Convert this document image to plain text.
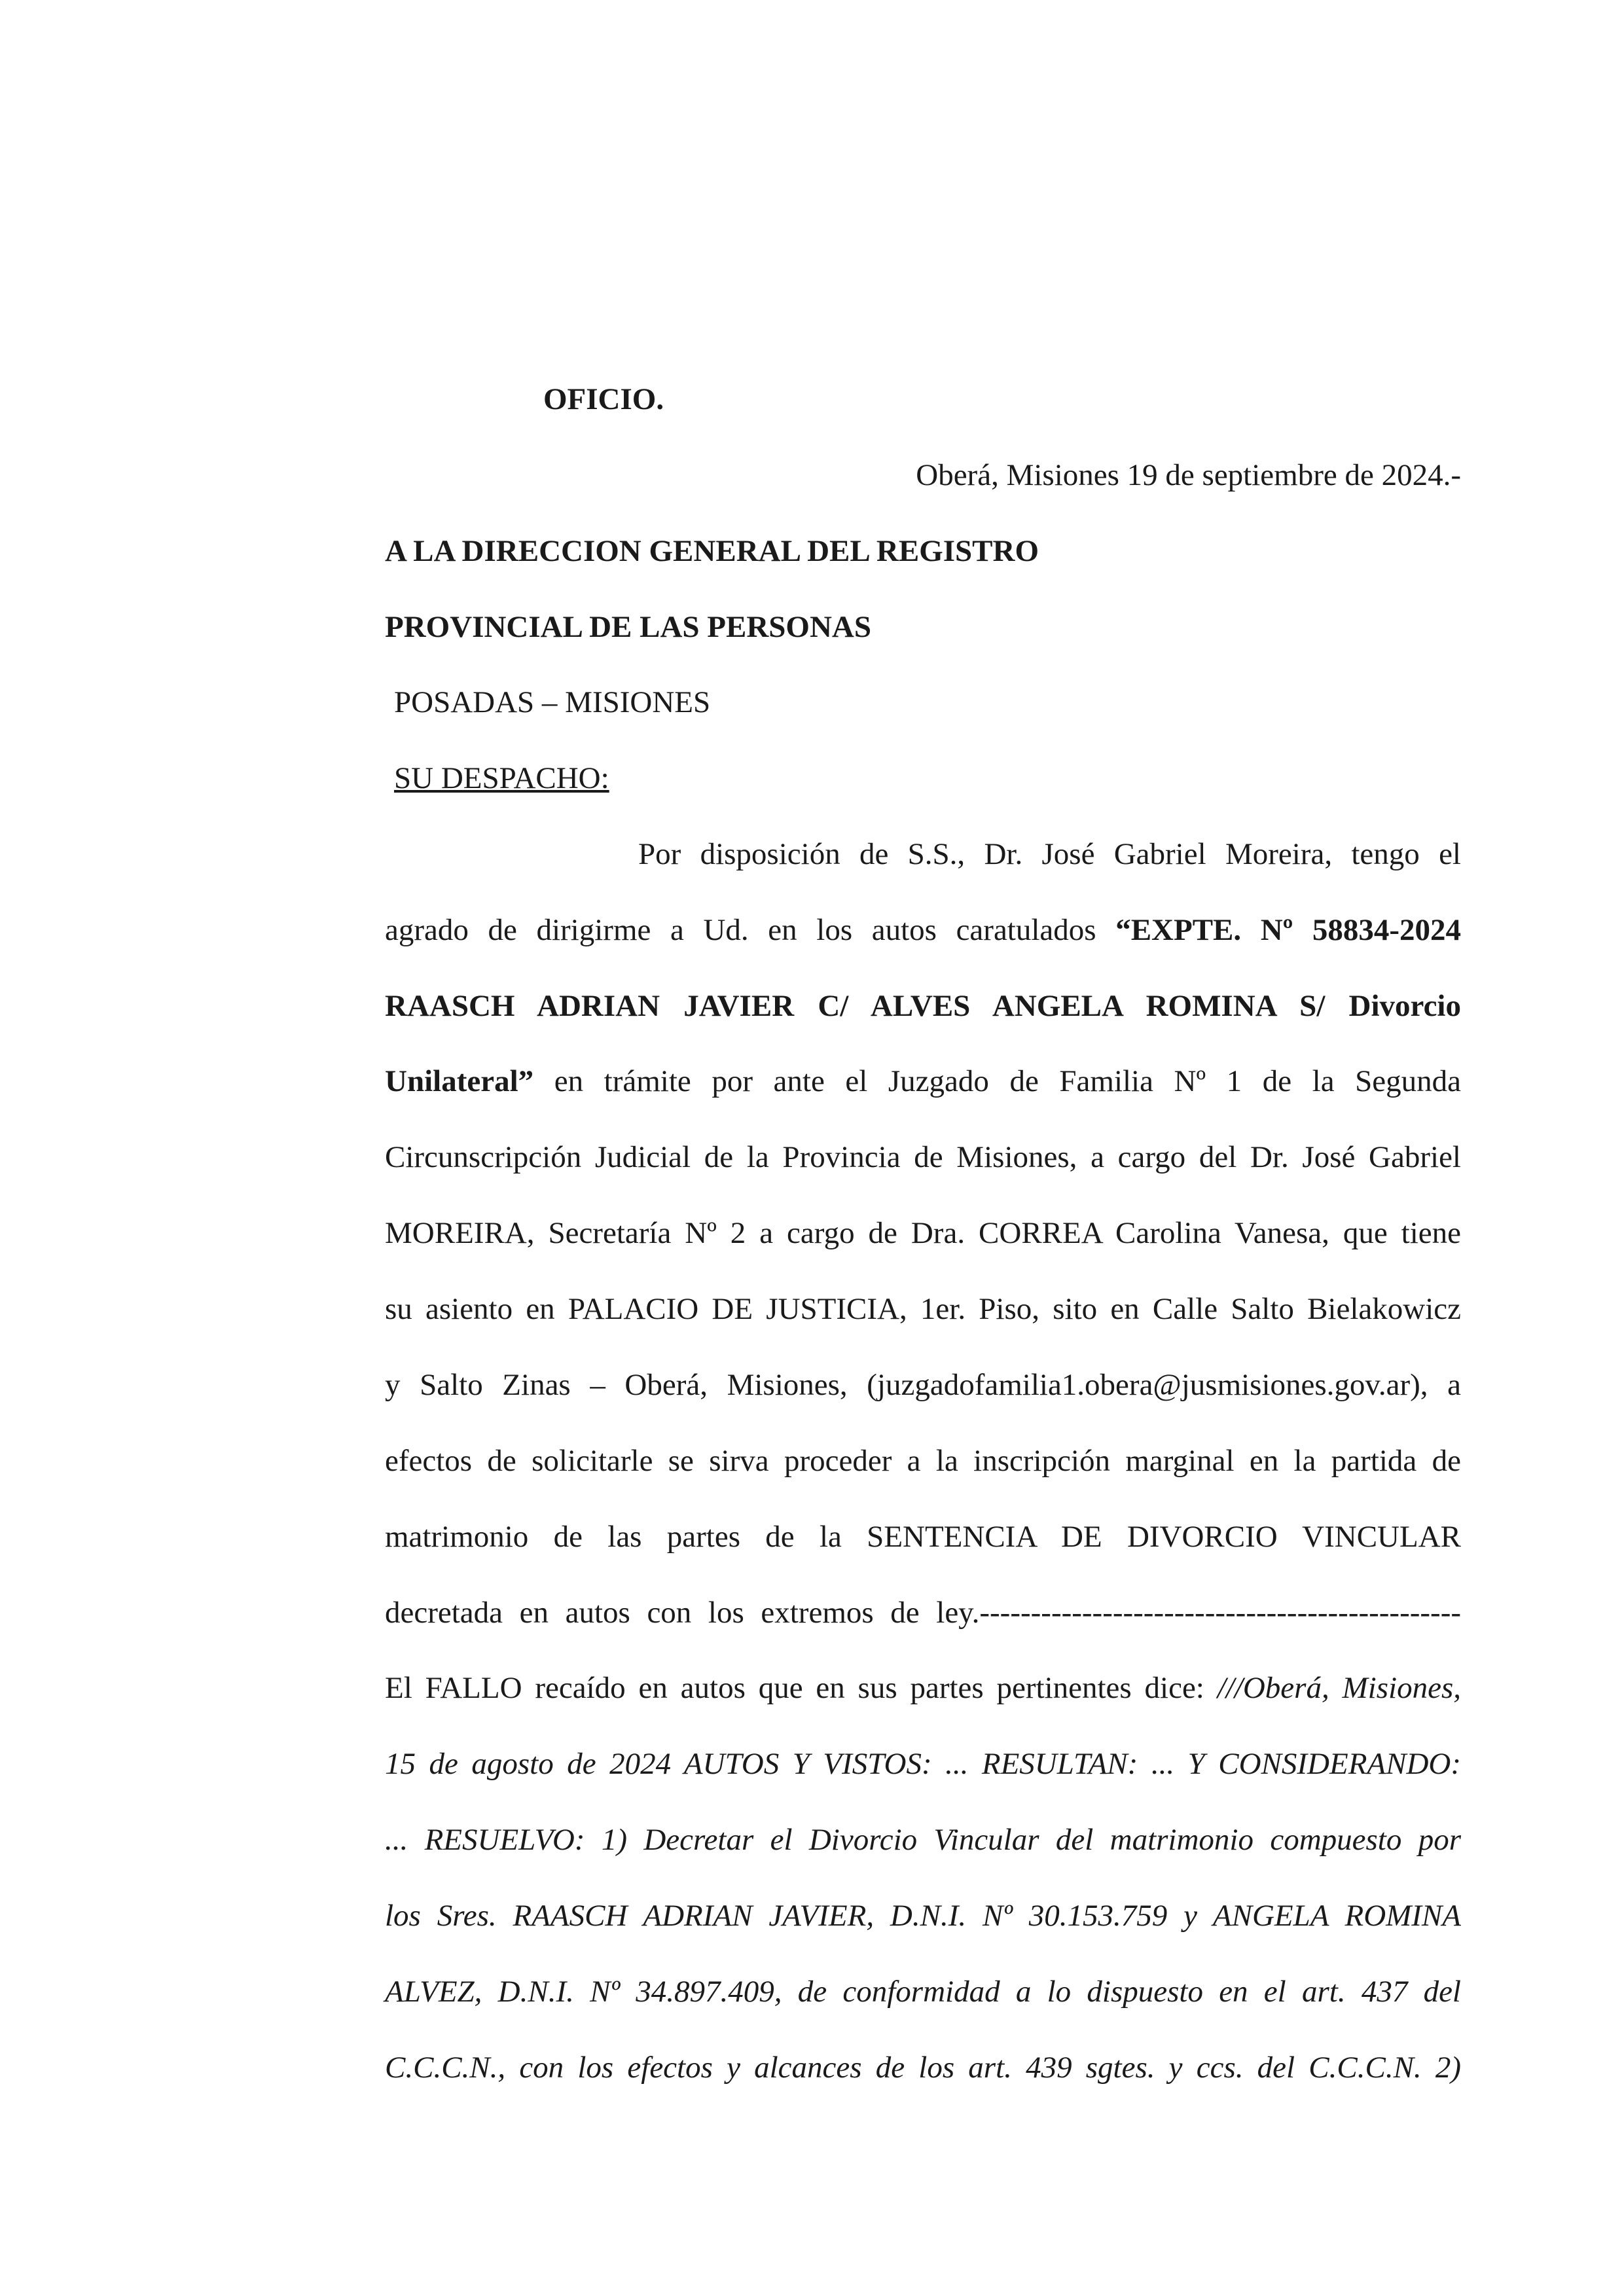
OFICIO.
Oberá, Misiones 19 de septiembre de 2024.-
A LA DIRECCION GENERAL DEL REGISTRO
PROVINCIAL DE LAS PERSONAS
POSADAS – MISIONES
SU DESPACHO:
Por disposición de S.S., Dr. José Gabriel Moreira, tengo el
agrado de dirigirme a Ud. en los autos caratulados “EXPTE. Nº 58834-2024
RAASCH ADRIAN JAVIER C/ ALVES ANGELA ROMINA S/ Divorcio
Unilateral” en trámite por ante el Juzgado de Familia Nº 1 de la Segunda
Circunscripción Judicial de la Provincia de Misiones, a cargo del Dr. José Gabriel
MOREIRA, Secretaría Nº 2 a cargo de Dra. CORREA Carolina Vanesa, que tiene
su asiento en PALACIO DE JUSTICIA, 1er. Piso, sito en Calle Salto Bielakowicz
y Salto Zinas – Oberá, Misiones, (juzgadofamilia1.obera@jusmisiones.gov.ar), a
efectos de solicitarle se sirva proceder a la inscripción marginal en la partida de
matrimonio de las partes de la SENTENCIA DE DIVORCIO VINCULAR
decretada en autos con los extremos de ley.-----------------------------------------------
El FALLO recaído en autos que en sus partes pertinentes dice: ///Oberá, Misiones,
15 de agosto de 2024 AUTOS Y VISTOS: ... RESULTAN: ... Y CONSIDERANDO:
... RESUELVO: 1) Decretar el Divorcio Vincular del matrimonio compuesto por
los Sres. RAASCH ADRIAN JAVIER, D.N.I. Nº 30.153.759 y ANGELA ROMINA
ALVEZ, D.N.I. Nº 34.897.409, de conformidad a lo dispuesto en el art. 437 del
C.C.C.N., con los efectos y alcances de los art. 439 sgtes. y ccs. del C.C.C.N. 2)
